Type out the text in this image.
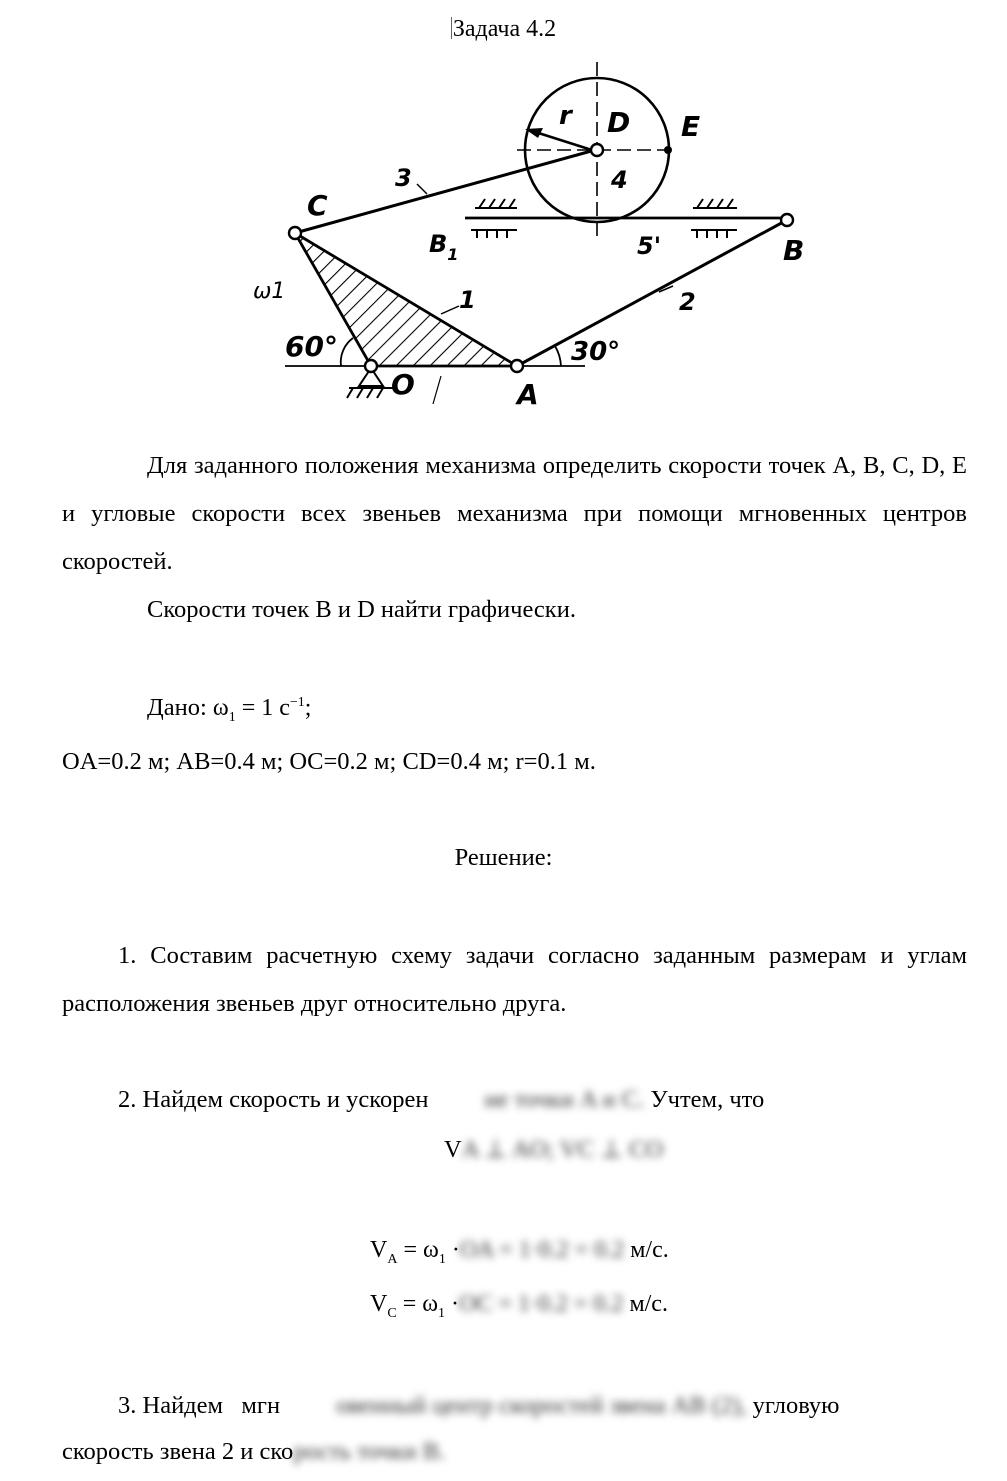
Задача 4.2
C
D E
r
3	4
5'
$B_1$	B
1	2
60°	30°
A
O
ω1
Для заданного положения механизма определить скорости точек A, B, C, D, E и угловые скорости всех звеньев механизма при помощи мгновенных центров скоростей.
Скорости точек B и D найти графически.
Дано: $\omega_1 = 1$ $с^{-1}$;
OA=0.2 м; AB=0.4 м; OC=0.2 м; CD=0.4 м; r=0.1 м.
Решение:
1. Составим расчетную схему задачи согласно заданным размерам и углам расположения звеньев друг относительно друга.
2. Найдем скорость и ускорен ие точки A и C. Учтем, что
VA ⊥ AO; VC ⊥ CO
$V_A = \omega_1 \cdot OA = 1\cdot 0.2 = 0.2$ м/с.
$V_C = \omega_1 \cdot OC = 1\cdot 0.2 = 0.2$ м/с.
3. Найдем   мгн овенный центр скоростей звена AB (2), угловую
скорость звена 2 и скорость точки B.
